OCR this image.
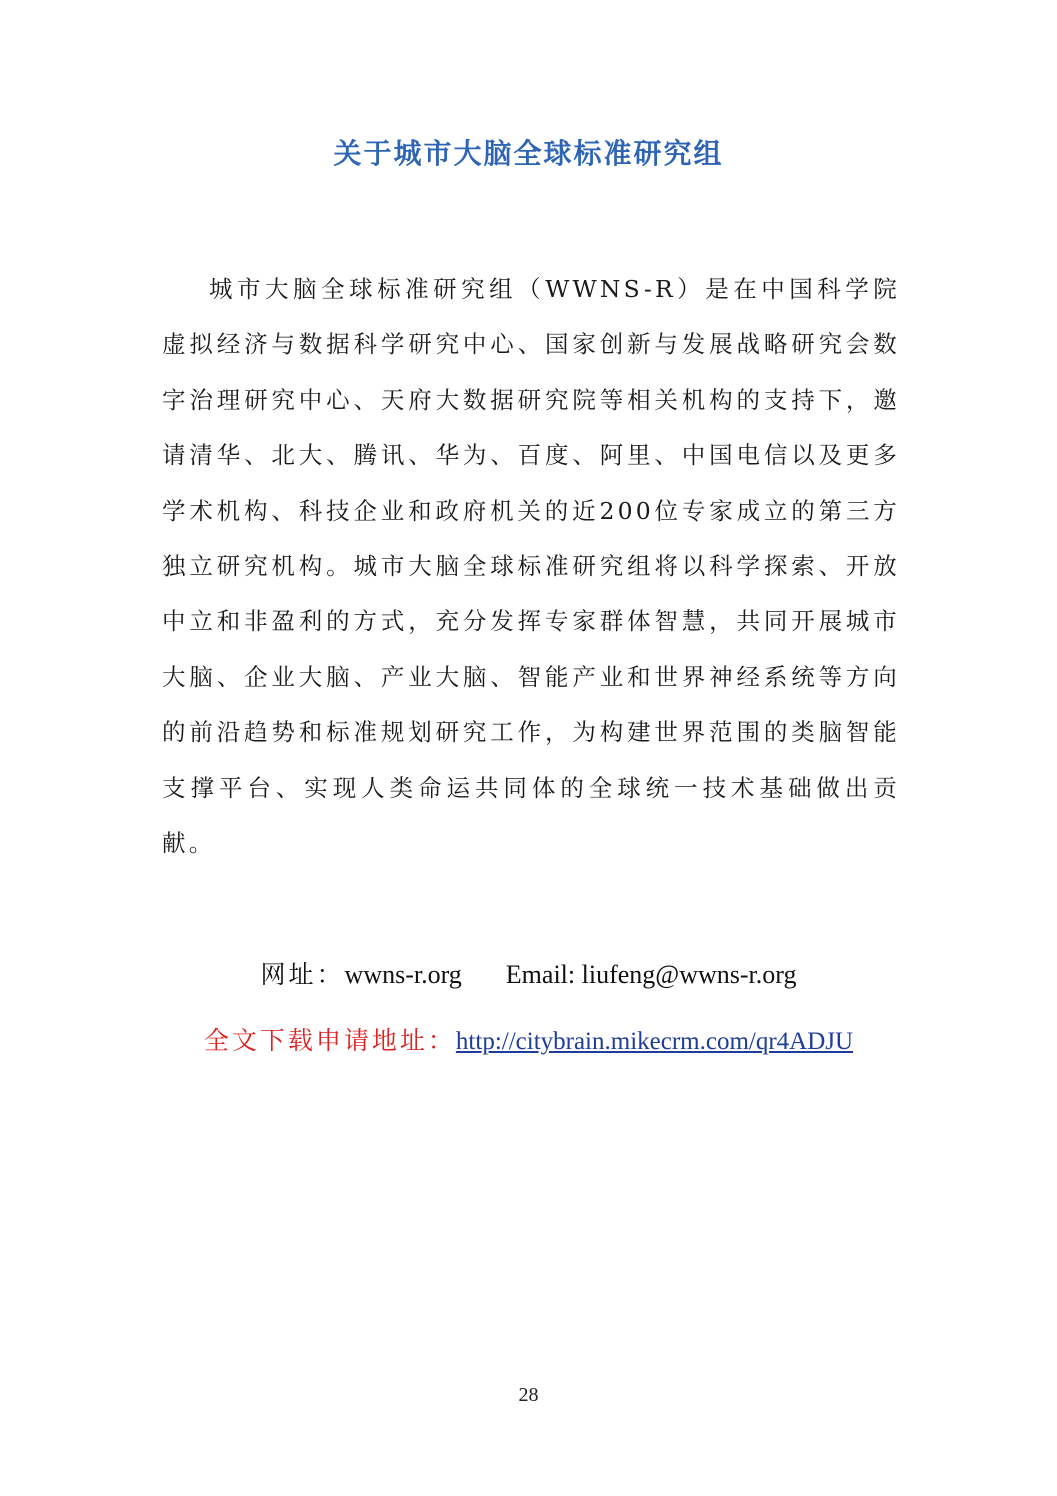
关于城市大脑全球标准研究组

城市大脑全球标准研究组（WWNS-R）是在中国科学院虚拟经济与数据科学研究中心、国家创新与发展战略研究会数字治理研究中心、天府大数据研究院等相关机构的支持下，邀请清华、北大、腾讯、华为、百度、阿里、中国电信以及更多学术机构、科技企业和政府机关的近200位专家成立的第三方独立研究机构。城市大脑全球标准研究组将以科学探索、开放中立和非盈利的方式，充分发挥专家群体智慧，共同开展城市大脑、企业大脑、产业大脑、智能产业和世界神经系统等方向的前沿趋势和标准规划研究工作，为构建世界范围的类脑智能支撑平台、实现人类命运共同体的全球统一技术基础做出贡献。

网址：wwns-r.org Email: liufeng@wwns-r.org
全文下载申请地址：http://citybrain.mikecrm.com/qr4ADJU
28
